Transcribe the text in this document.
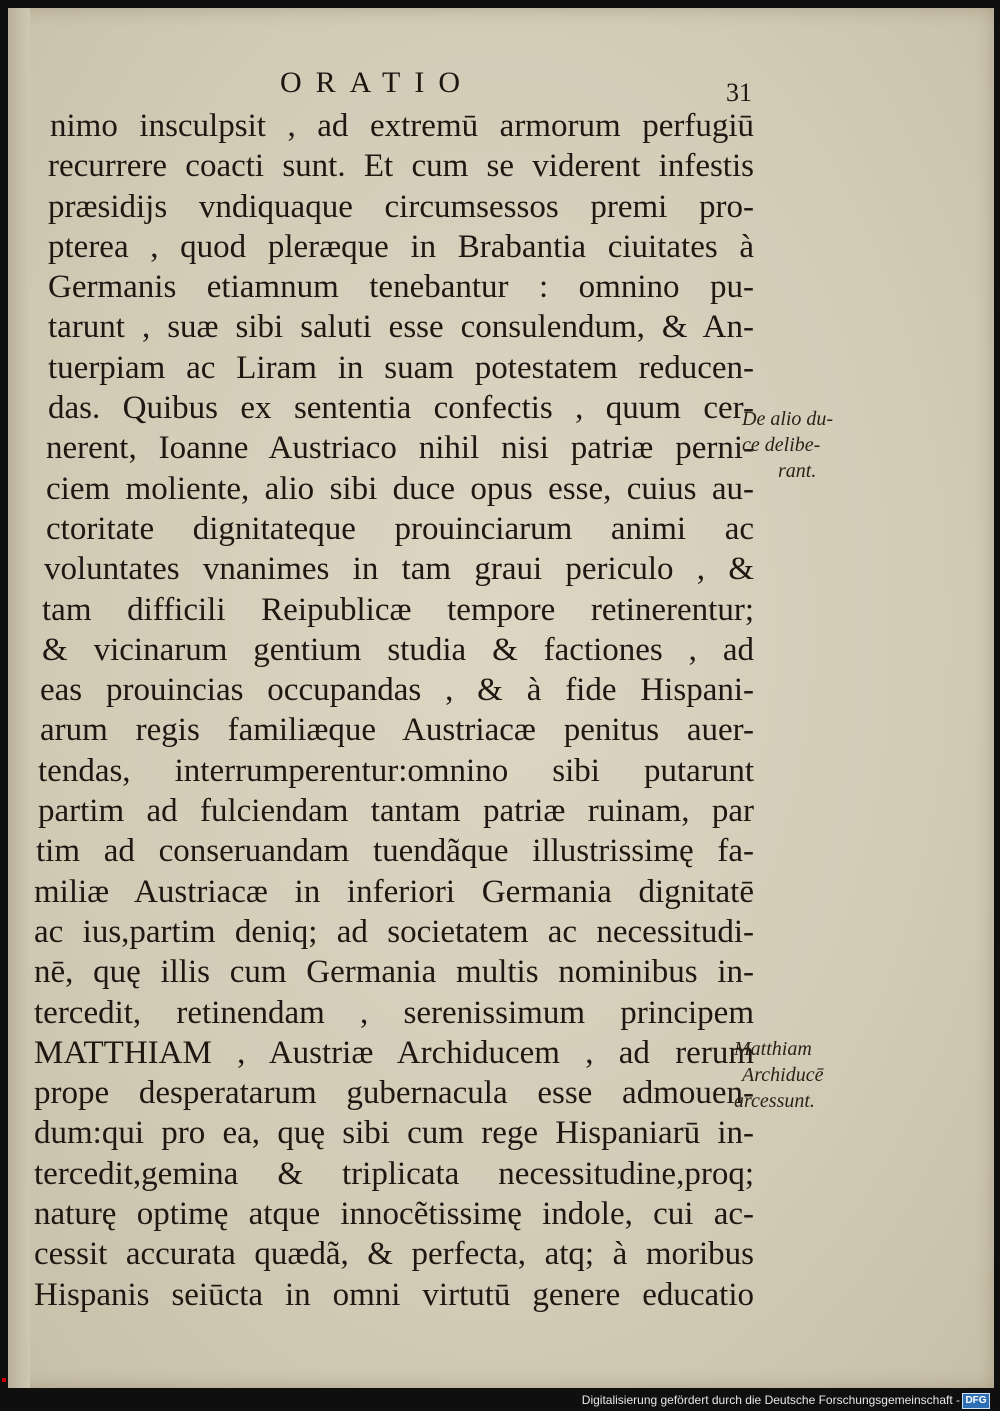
ORATIO	31
nimo insculpsit , ad extremū armorum perfugiū
recurrere coacti sunt. Et cum se viderent infestis
præsidijs vndiquaque circumsessos premi pro-
pterea , quod pleræque in Brabantia ciuitates à
Germanis etiamnum tenebantur : omnino pu-
tarunt , suæ sibi saluti esse consulendum, & An-
tuerpiam ac Liram in suam potestatem reducen-
das. Quibus ex sententia confectis , quum cer-
nerent, Ioanne Austriaco nihil nisi patriæ perni-
ciem moliente, alio sibi duce opus esse, cuius au-
ctoritate dignitateque prouinciarum animi ac
voluntates vnanimes in tam graui periculo , &
tam difficili Reipublicæ tempore retinerentur;
& vicinarum gentium studia & factiones , ad
eas prouincias occupandas , & à fide Hispani-
arum regis familiæque Austriacæ penitus auer-
tendas, interrumperentur:omnino sibi putarunt
partim ad fulciendam tantam patriæ ruinam, par
tim ad conseruandam tuendãque illustrissimę fa-
miliæ Austriacæ in inferiori Germania dignitatē
ac ius,partim deniq; ad societatem ac necessitudi-
nē, quę illis cum Germania multis nominibus in-
tercedit, retinendam , serenissimum principem
MATTHIAM , Austriæ Archiducem , ad rerum
prope desperatarum gubernacula esse admouen-
dum:qui pro ea, quę sibi cum rege Hispaniarū in-
tercedit,gemina & triplicata necessitudine,proq;
naturę optimę atque innocẽtissimę indole, cui ac-
cessit accurata quædã, & perfecta, atq; à moribus
Hispanis seiūcta in omni virtutū genere educatio
De alio du-
ce delibe-
rant.
Matthiam
Archiducē
arcessunt.
Digitalisierung gefördert durch die Deutsche Forschungsgemeinschaft - DFG
